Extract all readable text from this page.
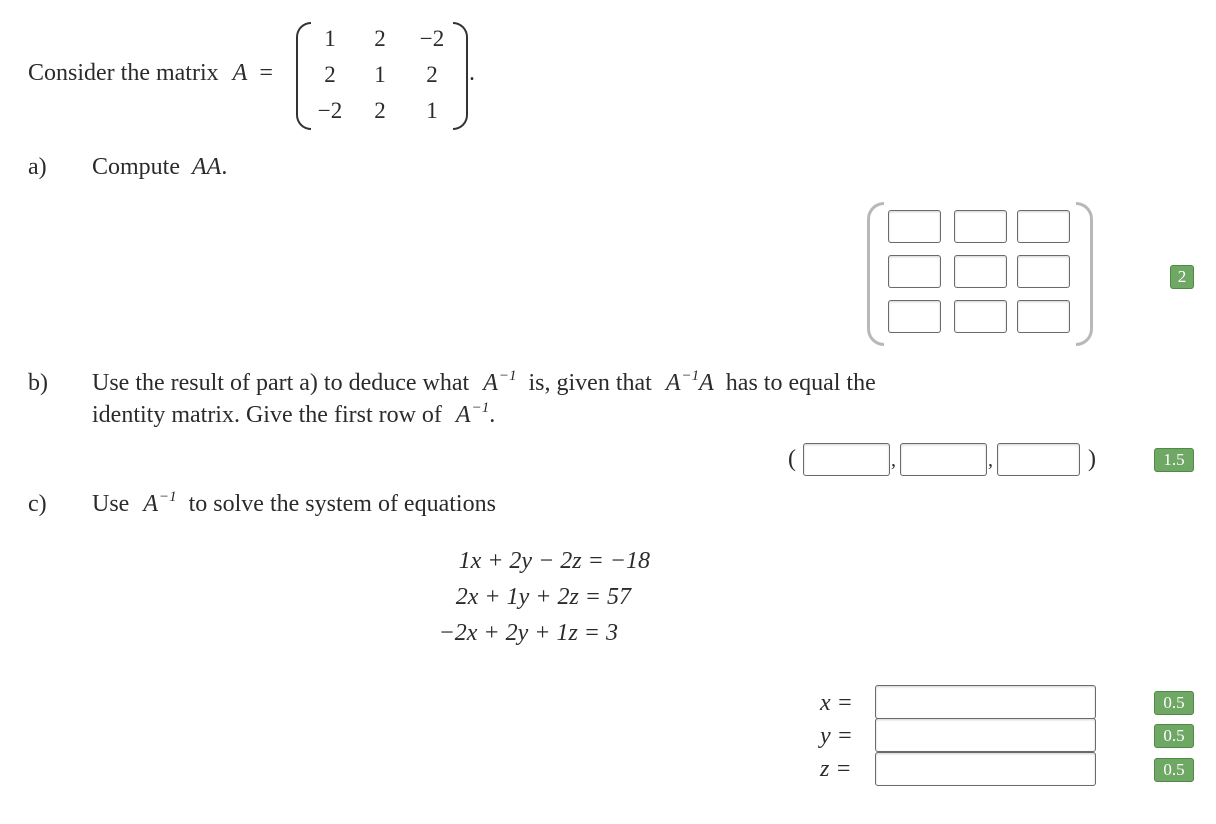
Consider the matrix A =
1	2	−2
2	1	2
−2	2	1
.
a) Compute AA.
2
b) Use the result of part a) to deduce what $A^{-1}$ is, given that $A^{-1}A$ has to equal the
identity matrix. Give the first row of $A^{-1}$.
(	,	,	)	1.5
c) Use $A^{-1}$ to solve the system of equations
1x + 2y − 2z = −18
2x + 1y + 2z = 57
−2x + 2y + 1z = 3
x =	0.5
y =	0.5
z =	0.5
